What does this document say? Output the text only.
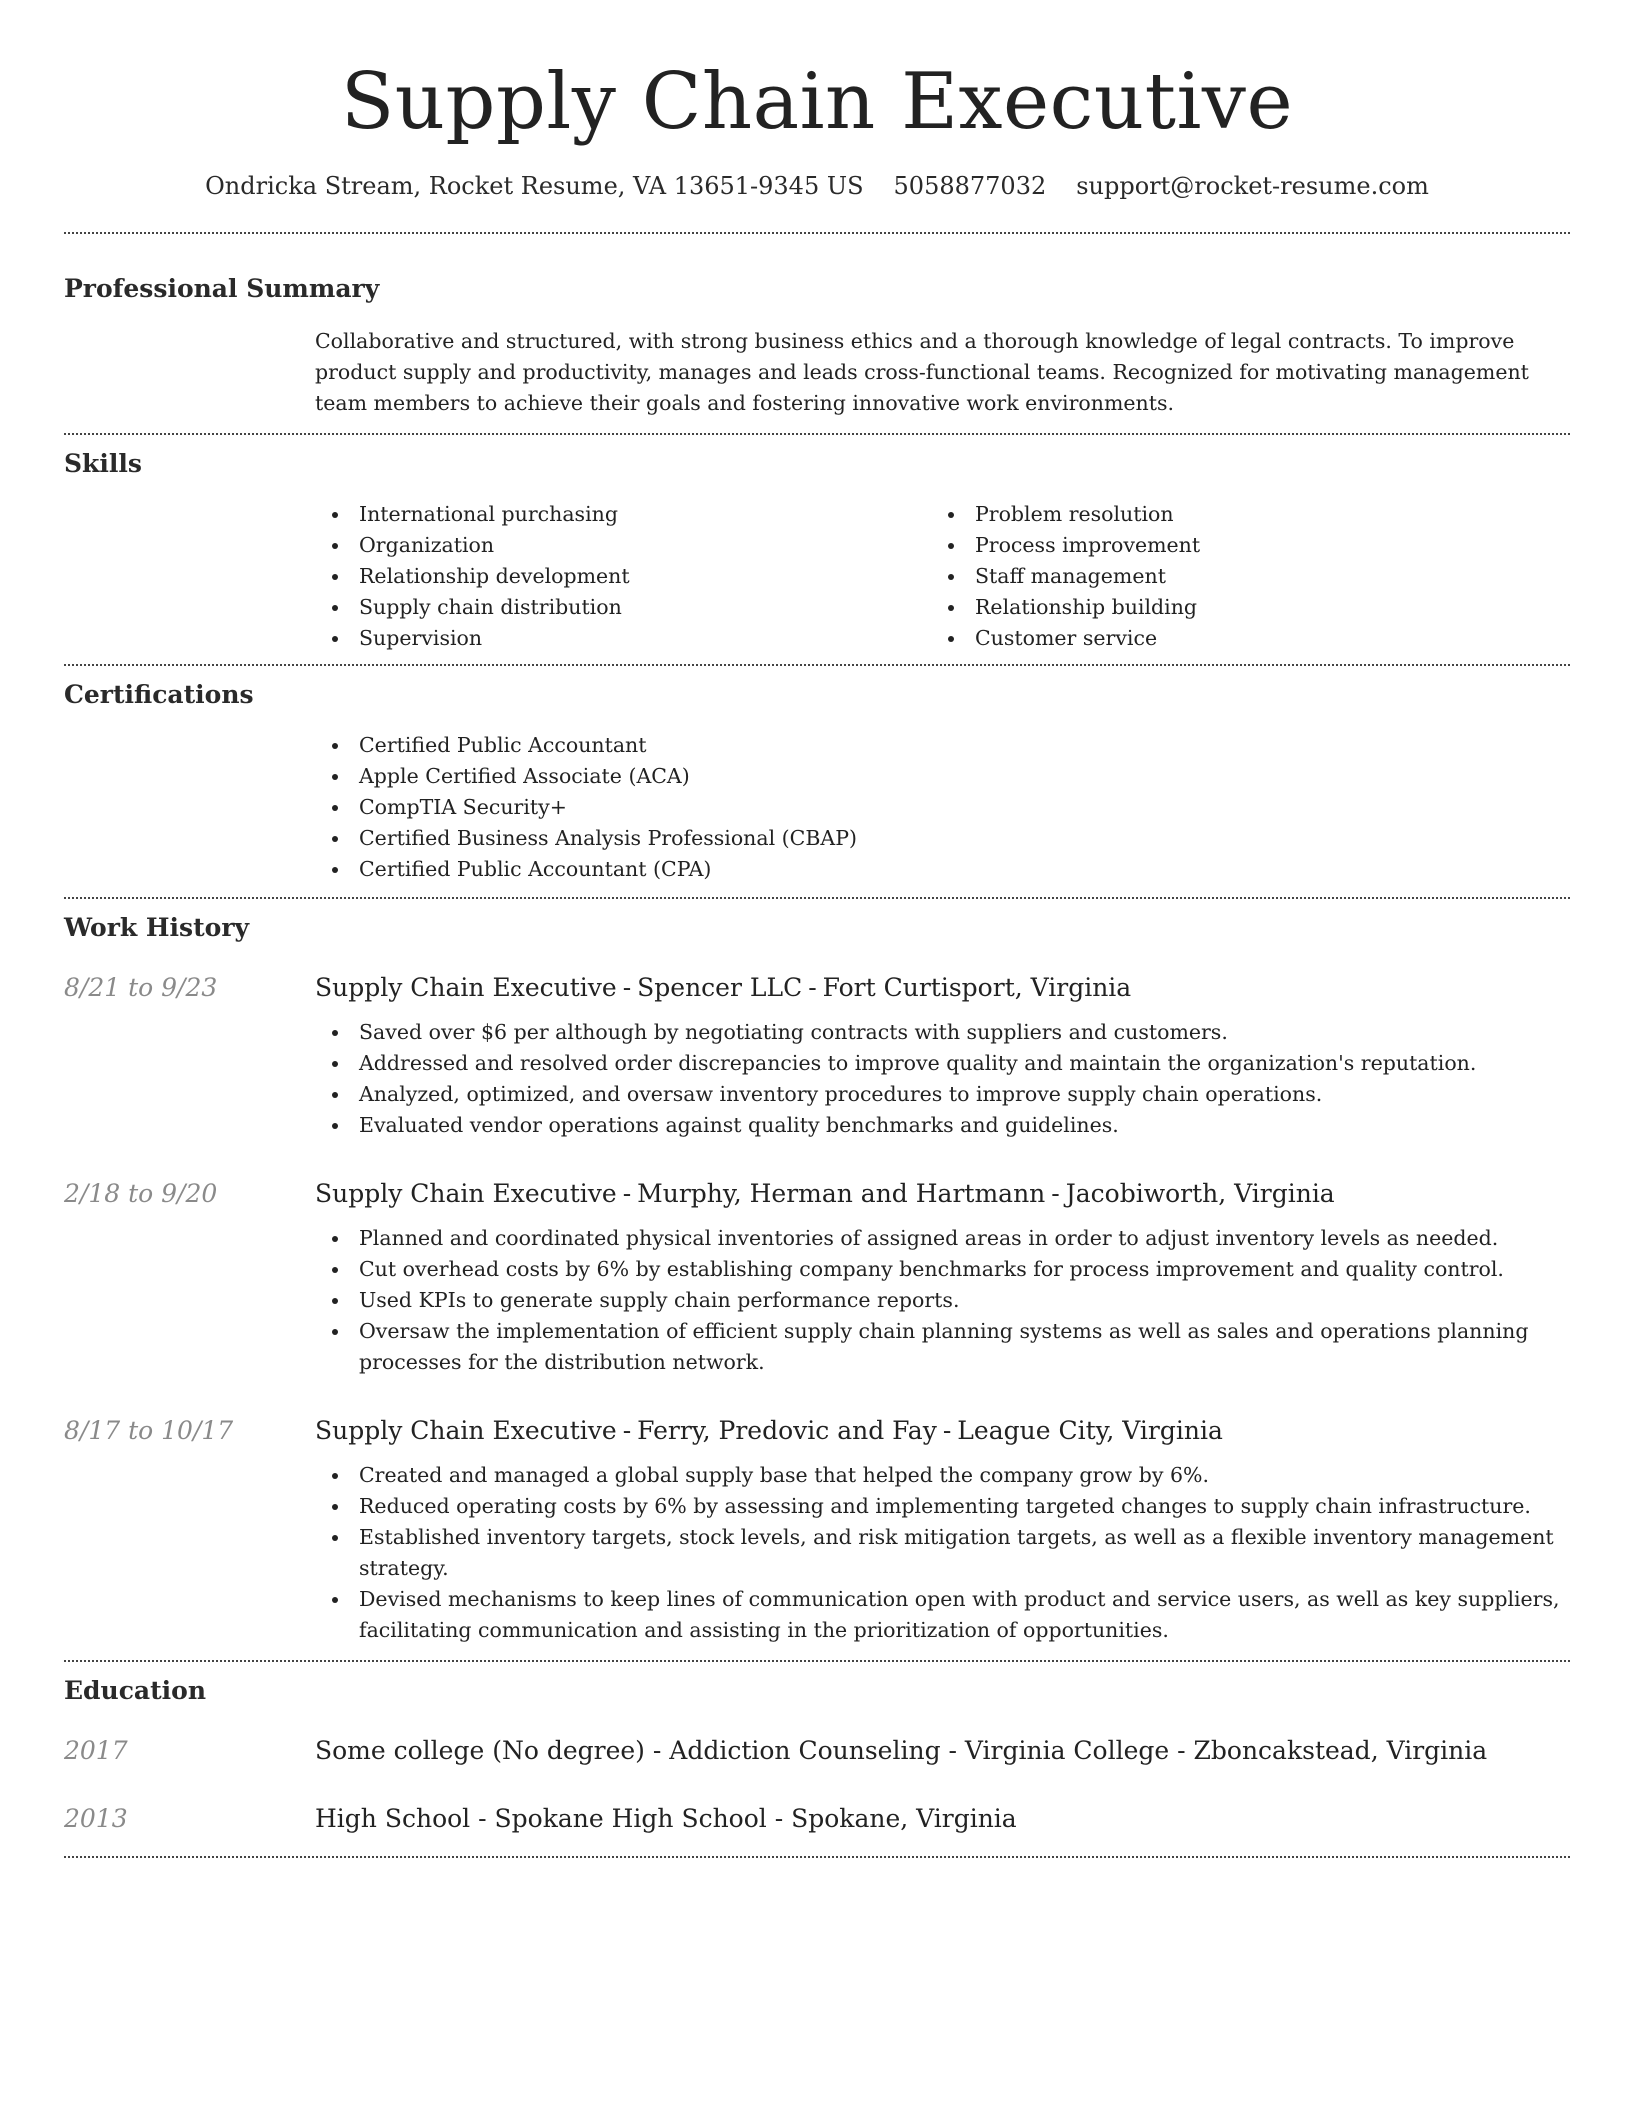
Supply Chain Executive
Ondricka Stream, Rocket Resume, VA 13651-9345 US 5058877032 support@rocket-resume.com
Professional Summary
Collaborative and structured, with strong business ethics and a thorough knowledge of legal contracts. To improve product supply and productivity, manages and leads cross-functional teams. Recognized for motivating management team members to achieve their goals and fostering innovative work environments.
Skills
International purchasing
Organization
Relationship development
Supply chain distribution
Supervision
Problem resolution
Process improvement
Staff management
Relationship building
Customer service
Certifications
Certified Public Accountant
Apple Certified Associate (ACA)
CompTIA Security+
Certified Business Analysis Professional (CBAP)
Certified Public Accountant (CPA)
Work History
8/21 to 9/23	Supply Chain Executive - Spencer LLC - Fort Curtisport, Virginia
Saved over $6 per although by negotiating contracts with suppliers and customers.
Addressed and resolved order discrepancies to improve quality and maintain the organization's reputation.
Analyzed, optimized, and oversaw inventory procedures to improve supply chain operations.
Evaluated vendor operations against quality benchmarks and guidelines.
2/18 to 9/20	Supply Chain Executive - Murphy, Herman and Hartmann - Jacobiworth, Virginia
Planned and coordinated physical inventories of assigned areas in order to adjust inventory levels as needed.
Cut overhead costs by 6% by establishing company benchmarks for process improvement and quality control.
Used KPIs to generate supply chain performance reports.
Oversaw the implementation of efficient supply chain planning systems as well as sales and operations planning processes for the distribution network.
8/17 to 10/17	Supply Chain Executive - Ferry, Predovic and Fay - League City, Virginia
Created and managed a global supply base that helped the company grow by 6%.
Reduced operating costs by 6% by assessing and implementing targeted changes to supply chain infrastructure.
Established inventory targets, stock levels, and risk mitigation targets, as well as a flexible inventory management strategy.
Devised mechanisms to keep lines of communication open with product and service users, as well as key suppliers, facilitating communication and assisting in the prioritization of opportunities.
Education
2017	Some college (No degree) - Addiction Counseling - Virginia College - Zboncakstead, Virginia
2013	High School - Spokane High School - Spokane, Virginia
